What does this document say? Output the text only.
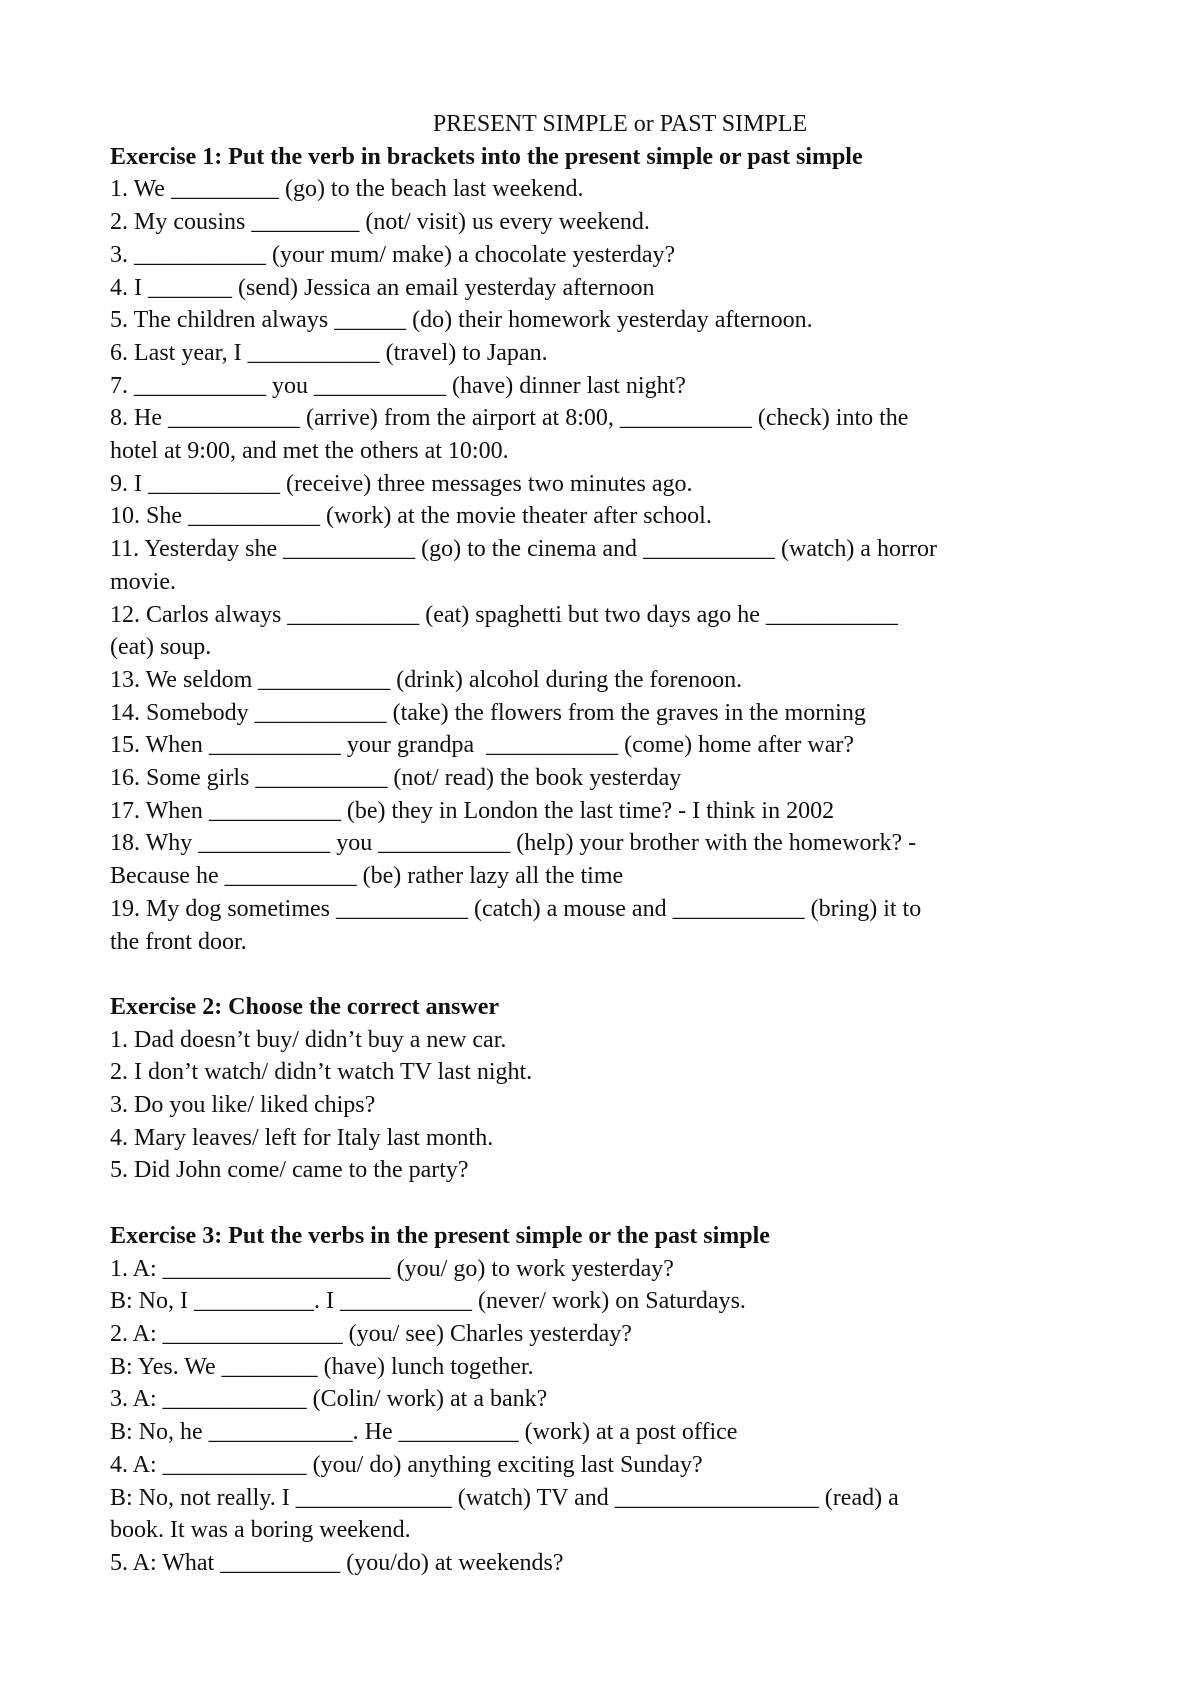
PRESENT SIMPLE or PAST SIMPLE

Exercise 1: Put the verb in brackets into the present simple or past simple

1. We _________ (go) to the beach last weekend.

2. My cousins _________ (not/ visit) us every weekend.

3. ___________ (your mum/ make) a chocolate yesterday?

4. I _______ (send) Jessica an email yesterday afternoon

5. The children always ______ (do) their homework yesterday afternoon.

6. Last year, I ___________ (travel) to Japan.

7. ___________ you ___________ (have) dinner last night?

8. He ___________ (arrive) from the airport at 8:00, ___________ (check) into the

hotel at 9:00, and met the others at 10:00.

9. I ___________ (receive) three messages two minutes ago.

10. She ___________ (work) at the movie theater after school.

11. Yesterday she ___________ (go) to the cinema and ___________ (watch) a horror

movie.

12. Carlos always ___________ (eat) spaghetti but two days ago he ___________

(eat) soup.

13. We seldom ___________ (drink) alcohol during the forenoon.

14. Somebody ___________ (take) the flowers from the graves in the morning

15. When ___________ your grandpa  ___________ (come) home after war?

16. Some girls ___________ (not/ read) the book yesterday

17. When ___________ (be) they in London the last time? - I think in 2002

18. Why ___________ you ___________ (help) your brother with the homework? -

Because he ___________ (be) rather lazy all the time

19. My dog sometimes ___________ (catch) a mouse and ___________ (bring) it to

the front door.

Exercise 2: Choose the correct answer

1. Dad doesn’t buy/ didn’t buy a new car.

2. I don’t watch/ didn’t watch TV last night.

3. Do you like/ liked chips?

4. Mary leaves/ left for Italy last month.

5. Did John come/ came to the party?

Exercise 3: Put the verbs in the present simple or the past simple

1. A: ___________________ (you/ go) to work yesterday?

B: No, I __________. I ___________ (never/ work) on Saturdays.

2. A: _______________ (you/ see) Charles yesterday?

B: Yes. We ________ (have) lunch together.

3. A: ____________ (Colin/ work) at a bank?

B: No, he ____________. He __________ (work) at a post office

4. A: ____________ (you/ do) anything exciting last Sunday?

B: No, not really. I _____________ (watch) TV and _________________ (read) a

book. It was a boring weekend.

5. A: What __________ (you/do) at weekends?
